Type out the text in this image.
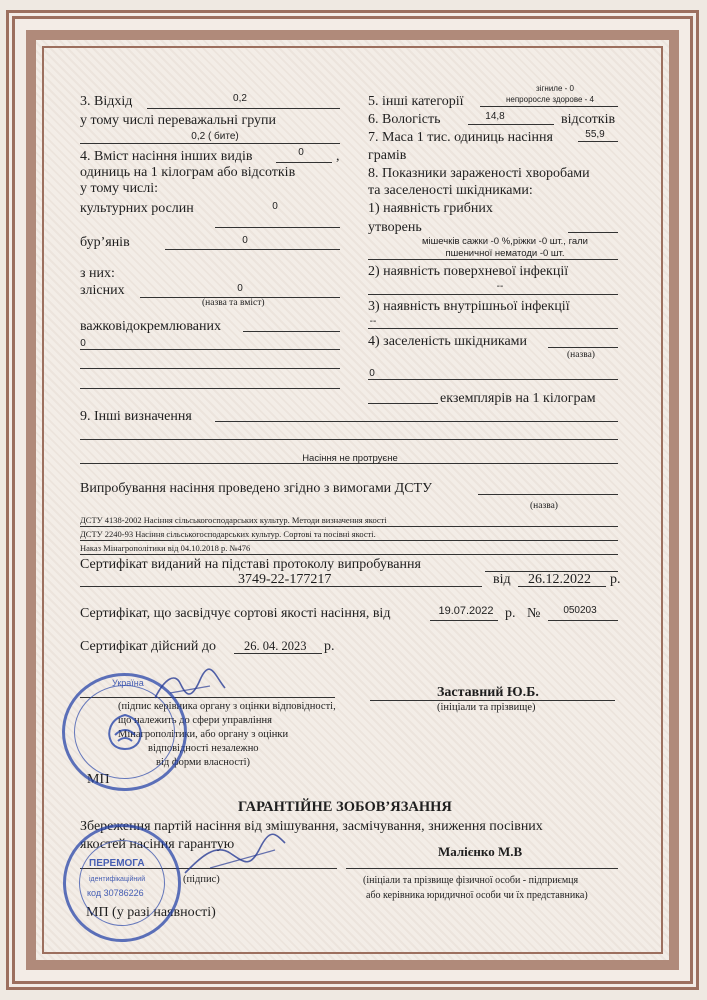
3. Відхід	0,2
у тому числі переважальні групи
0,2 ( бите)
4. Вміст насіння інших видів	0	,
одиниць на 1 кілограм або відсотків
у тому числі:
культурних рослин	0
бур’янів	0
з них:
злісних	0
(назва та вміст)
важковідокремлюваних
0
5. інші категорії
зігниле - 0
непроросле здорове - 4
6. Вологість	14,8	відсотків
7. Маса 1 тис. одиниць насіння	55,9
грамів
8. Показники зараженості хворобами
та заселеності шкідниками:
1) наявність грибних
утворень
мішечків сажки -0 %,ріжки -0 шт., гали
пшеничної нематоди -0 шт.
2) наявність поверхневої інфекції
--
3) наявність внутрішньої інфекції
--
4) заселеність шкідниками
(назва)
0
екземплярів на 1 кілограм
9. Інші визначення
Насіння не протруєне
Випробування насіння проведено згідно з вимогами ДСТУ
(назва)
ДСТУ 4138-2002 Насіння сільськогосподарських культур. Методи визначення якості
ДСТУ 2240-93 Насіння сільськогосподарських культур. Сортові та посівні якості.
Наказ Мінагрополітики від 04.10.2018 р. №476
Сертифікат виданий на підставі протоколу випробування
3749-22-177217	від 26.12.2022 р.
Сертифікат, що засвідчує сортові якості насіння, від	19.07.2022 р. №	050203
Сертифікат дійсний до 26. 04. 2023 р.
(підпис керівника органу з оцінки відповідності,
що належить до сфери управління
Мінагрополітики, або органу з оцінки
відповідності незалежно
від форми власності)
Заставний Ю.Б.
(ініціали та прізвище)
МП
ГАРАНТІЙНЕ ЗОБОВ’ЯЗАННЯ
Збереження партій насіння від змішування, засмічування, зниження посівних
якостей насіння гарантую	Малієнко М.В
(підпис)	(ініціали та прізвище фізичної особи - підприємця
або керівника юридичної особи чи їх представника)
МП (у разі наявності)
Україна
ПЕРЕМОГА
ідентифікаційний
код 30786226
